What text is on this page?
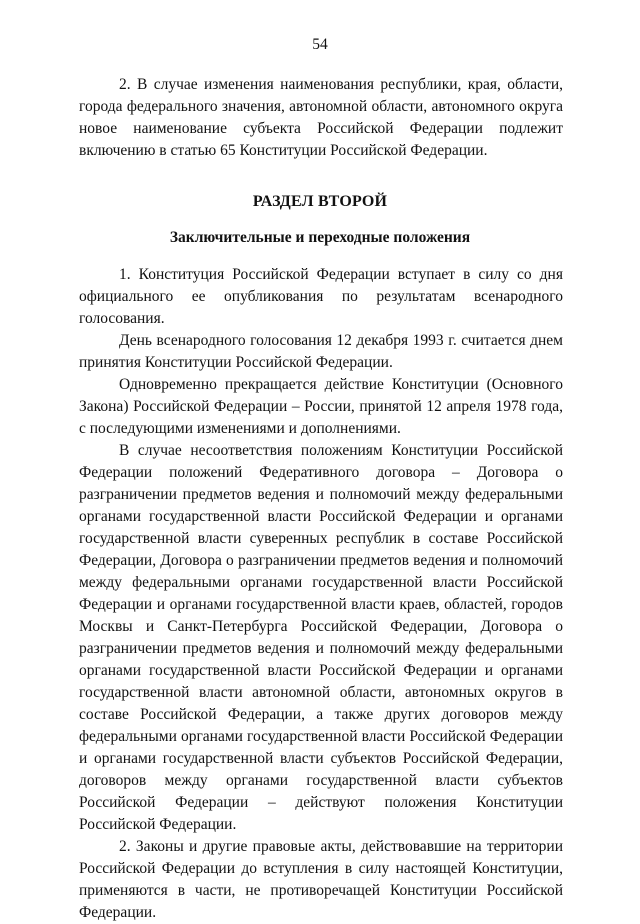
54

2. В случае изменения наименования республики, края, области, города федерального значения, автономной области, автономного округа новое наименование субъекта Российской Федерации подлежит включению в статью 65 Конституции Российской Федерации.

РАЗДЕЛ ВТОРОЙ
Заключительные и переходные положения

1. Конституция Российской Федерации вступает в силу со дня официального ее опубликования по результатам всенародного голосования.

День всенародного голосования 12 декабря 1993 г. считается днем принятия Конституции Российской Федерации.

Одновременно прекращается действие Конституции (Основного Закона) Российской Федерации – России, принятой 12 апреля 1978 года, с последующими изменениями и дополнениями.

В случае несоответствия положениям Конституции Российской Федерации положений Федеративного договора – Договора о разграничении предметов ведения и полномочий между федеральными органами государственной власти Российской Федерации и органами государственной власти суверенных республик в составе Российской Федерации, Договора о разграничении предметов ведения и полномочий между федеральными органами государственной власти Российской Федерации и органами государственной власти краев, областей, городов Москвы и Санкт-Петербурга Российской Федерации, Договора о разграничении предметов ведения и полномочий между федеральными органами государственной власти Российской Федерации и органами государственной власти автономной области, автономных округов в составе Российской Федерации, а также других договоров между федеральными органами государственной власти Российской Федерации и органами государственной власти субъектов Российской Федерации, договоров между органами государственной власти субъектов Российской Федерации – действуют положения Конституции Российской Федерации.

2. Законы и другие правовые акты, действовавшие на территории Российской Федерации до вступления в силу настоящей Конституции, применяются в части, не противоречащей Конституции Российской Федерации.
